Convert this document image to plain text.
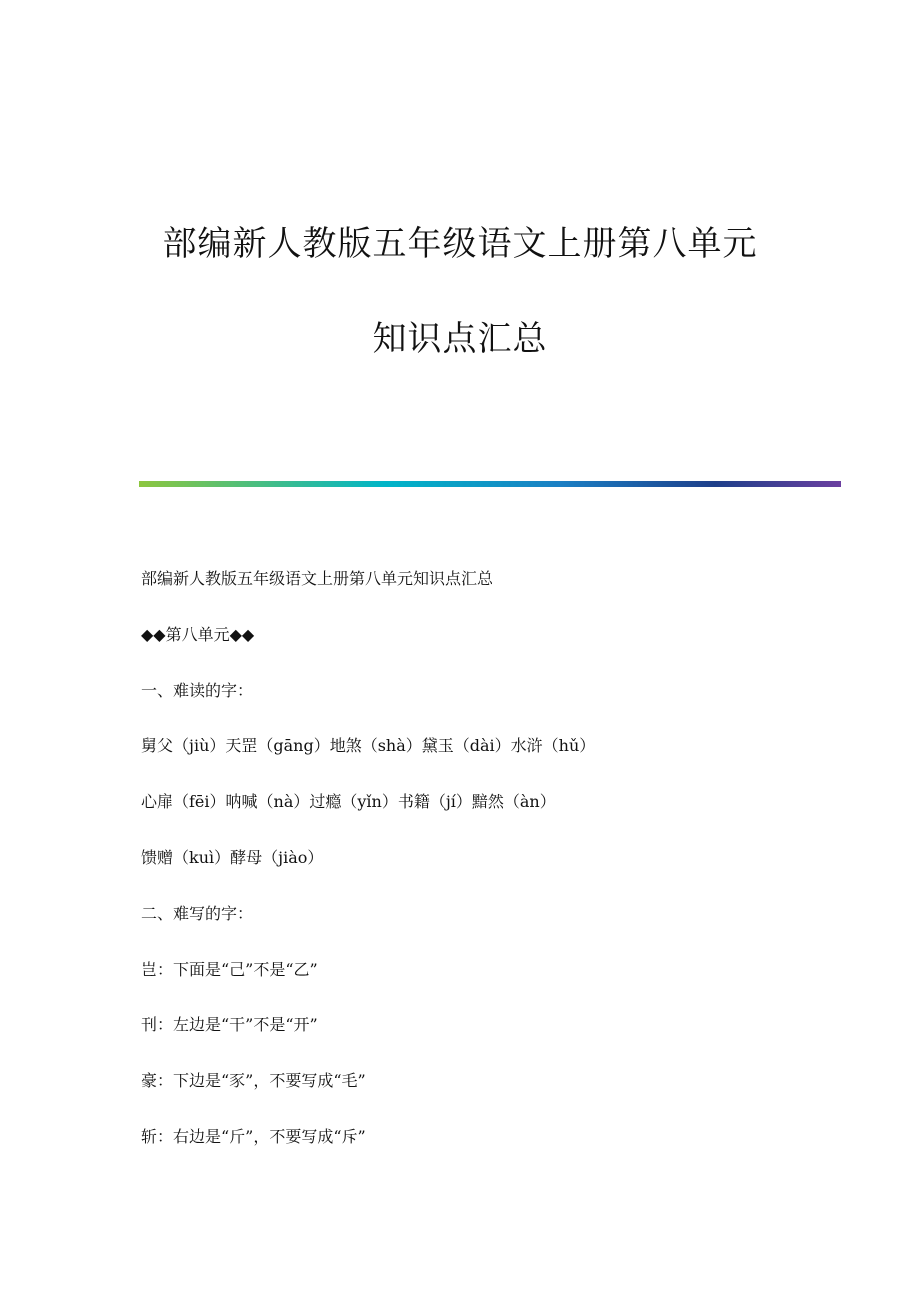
部编新人教版五年级语文上册第八单元
知识点汇总
部编新人教版五年级语文上册第八单元知识点汇总
◆◆第八单元◆◆
一、难读的字：
舅父（jiù）天罡（gāng）地煞（shà）黛玉（dài）水浒（hǔ）
心扉（fēi）呐喊（nà）过瘾（yǐn）书籍（jí）黯然（àn）
馈赠（kuì）酵母（jiào）
二、难写的字：
岂：下面是“己”不是“乙”
刊：左边是“干”不是“开”
豪：下边是“豕”，不要写成“毛”
斩：右边是“斤”，不要写成“斥”
